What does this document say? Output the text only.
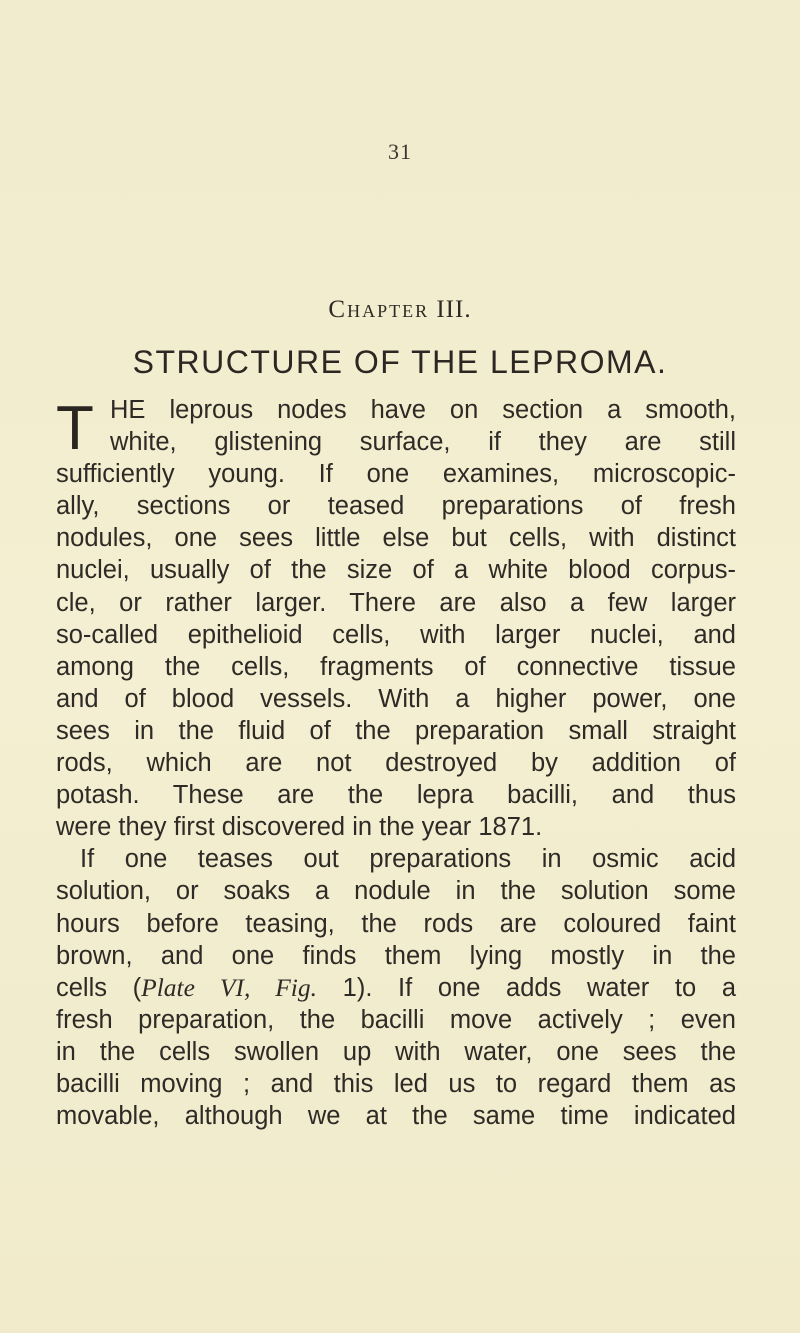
31
Chapter III.
STRUCTURE OF THE LEPROMA.
T HE leprous nodes have on section a smooth,
white, glistening surface, if they are still
sufficiently young. If one examines, microscopic-
ally, sections or teased preparations of fresh
nodules, one sees little else but cells, with distinct
nuclei, usually of the size of a white blood corpus-
cle, or rather larger. There are also a few larger
so-called epithelioid cells, with larger nuclei, and
among the cells, fragments of connective tissue
and of blood vessels. With a higher power, one
sees in the fluid of the preparation small straight
rods, which are not destroyed by addition of
potash. These are the lepra bacilli, and thus
were they first discovered in the year 1871.
If one teases out preparations in osmic acid
solution, or soaks a nodule in the solution some
hours before teasing, the rods are coloured faint
brown, and one finds them lying mostly in the
cells (Plate VI, Fig. 1). If one adds water to a
fresh preparation, the bacilli move actively ; even
in the cells swollen up with water, one sees the
bacilli moving ; and this led us to regard them as
movable, although we at the same time indicated
